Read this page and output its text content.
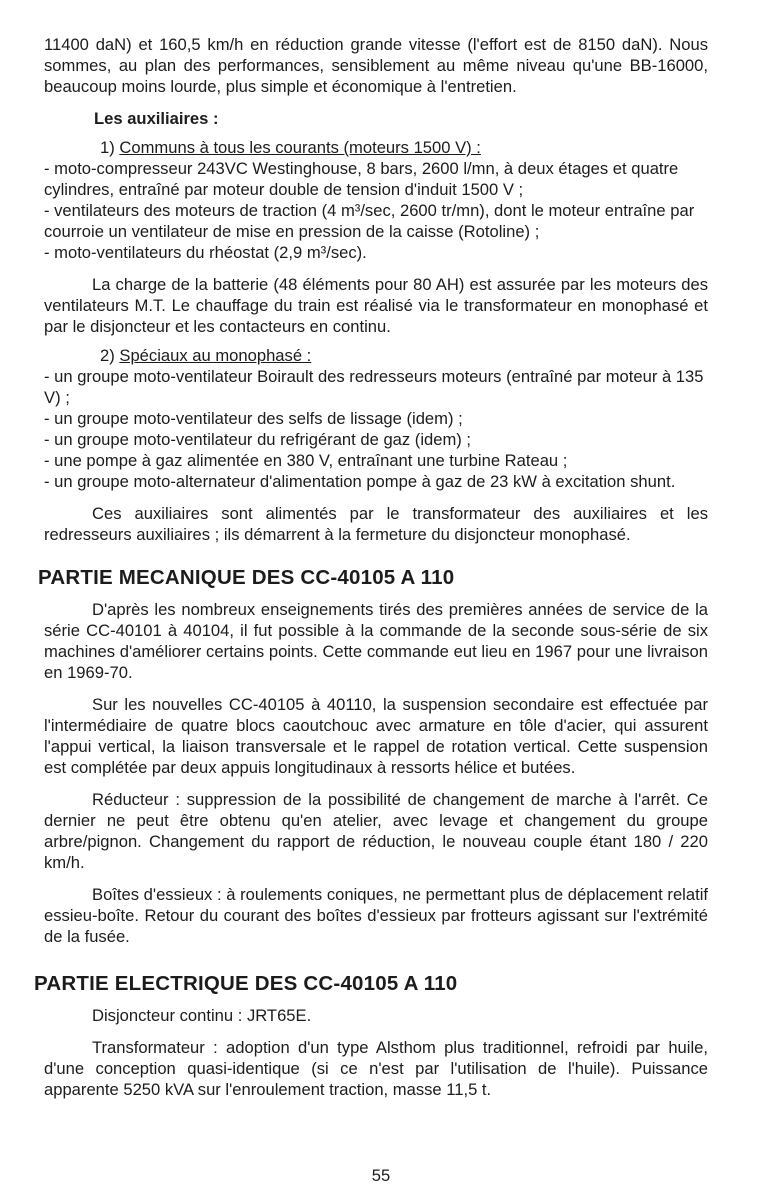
11400 daN) et 160,5 km/h en réduction grande vitesse (l'effort est de 8150 daN). Nous sommes, au plan des performances, sensiblement au même niveau qu'une BB-16000, beaucoup moins lourde, plus simple et économique à l'entretien.

Les auxiliaires :

1) Communs à tous les courants (moteurs 1500 V) :

- moto-compresseur 243VC Westinghouse, 8 bars, 2600 l/mn, à deux étages et quatre cylindres, entraîné par moteur double de tension d'induit 1500 V ;

- ventilateurs des moteurs de traction (4 m³/sec, 2600 tr/mn), dont le moteur entraîne par courroie un ventilateur de mise en pression de la caisse (Rotoline) ;

- moto-ventilateurs du rhéostat (2,9 m³/sec).

La charge de la batterie (48 éléments pour 80 AH) est assurée par les moteurs des ventilateurs M.T. Le chauffage du train est réalisé via le transformateur en monophasé et par le disjoncteur et les contacteurs en continu.

2) Spéciaux au monophasé :

- un groupe moto-ventilateur Boirault des redresseurs moteurs (entraîné par moteur à 135 V) ;

- un groupe moto-ventilateur des selfs de lissage (idem) ;

- un groupe moto-ventilateur du refrigérant de gaz (idem) ;

- une pompe à gaz alimentée en 380 V, entraînant une turbine Rateau ;

- un groupe moto-alternateur d'alimentation pompe à gaz de 23 kW à excitation shunt.

Ces auxiliaires sont alimentés par le transformateur des auxiliaires et les redresseurs auxiliaires ; ils démarrent à la fermeture du disjoncteur monophasé.

PARTIE MECANIQUE DES CC-40105 A 110

D'après les nombreux enseignements tirés des premières années de service de la série CC-40101 à 40104, il fut possible à la commande de la seconde sous-série de six machines d'améliorer certains points. Cette commande eut lieu en 1967 pour une livraison en 1969-70.

Sur les nouvelles CC-40105 à 40110, la suspension secondaire est effectuée par l'intermédiaire de quatre blocs caoutchouc avec armature en tôle d'acier, qui assurent l'appui vertical, la liaison transversale et le rappel de rotation vertical. Cette suspension est complétée par deux appuis longitudinaux à ressorts hélice et butées.

Réducteur : suppression de la possibilité de changement de marche à l'arrêt. Ce dernier ne peut être obtenu qu'en atelier, avec levage et changement du groupe arbre/pignon. Changement du rapport de réduction, le nouveau couple étant 180 / 220 km/h.

Boîtes d'essieux : à roulements coniques, ne permettant plus de déplacement relatif essieu-boîte. Retour du courant des boîtes d'essieux par frotteurs agissant sur l'extrémité de la fusée.

PARTIE ELECTRIQUE DES CC-40105 A 110

Disjoncteur continu : JRT65E.

Transformateur : adoption d'un type Alsthom plus traditionnel, refroidi par huile, d'une conception quasi-identique (si ce n'est par l'utilisation de l'huile). Puissance apparente 5250 kVA sur l'enroulement traction, masse 11,5 t.

55
